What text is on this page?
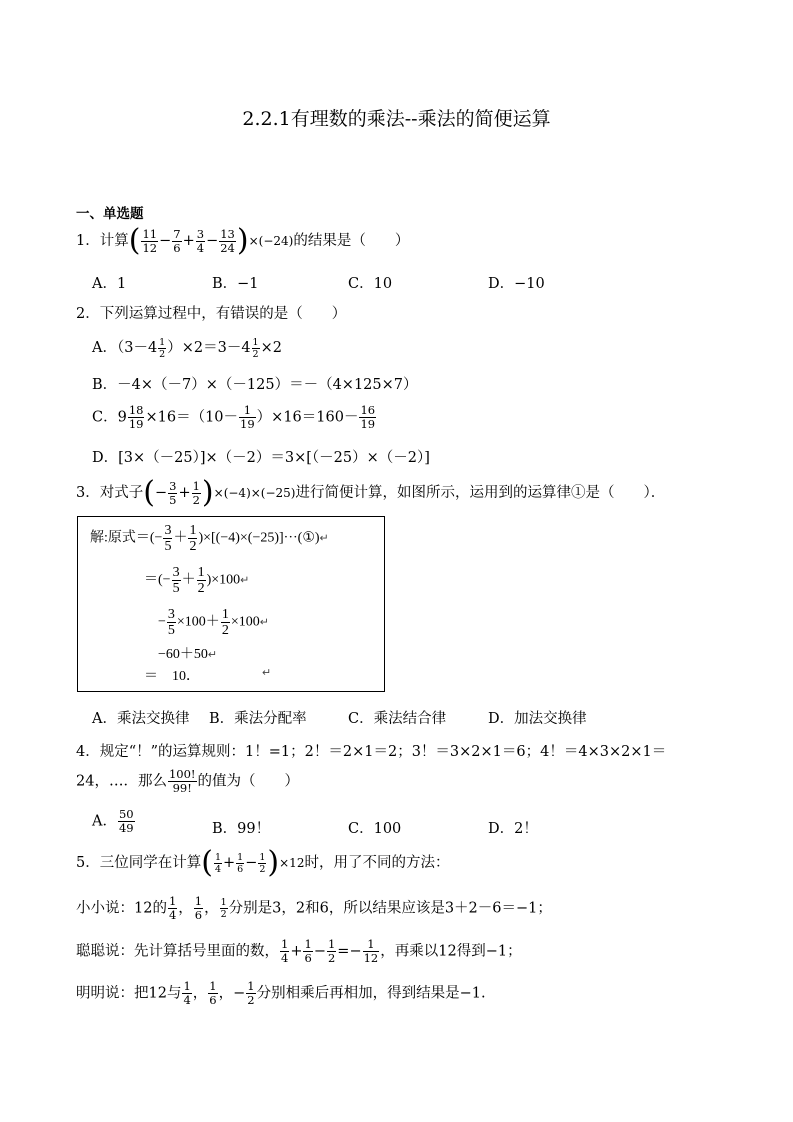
2.2.1有理数的乘法--乘法的简便运算
一、单选题
1．计算( $\frac{11}{12} - \frac{7}{6} + \frac{3}{4} - \frac{13}{24} )\times(-24)$的结果是（　　）
A．1	B．−1	C．10	D．−10
2．下列运算过程中，有错误的是（　　）
A．$(3-4 \frac{1}{2} )\times 2=3-4 \frac{1}{2} \times 2$
B．－4×（－7）×（－125）＝－（4×125×7）
C．$9 \frac{18}{19} \times 16=(10- \frac{1}{19} )\times 16=160- \frac{16}{19}$
D．[3×（－25）]×（－2）＝3×[（－25）×（－2）]
3．对式子(− $\frac{3}{5} + \frac{1}{2} )\times(-4)\times(-25)$进行简便计算，如图所示，运用到的运算律①是（　　）．
解:原式＝(− $\frac{3}{5} + \frac{1}{2}$ )×[(−4)×(−25)]···(①)↵
＝(− $\frac{3}{5} + \frac{1}{2}$ )×100↵
− $\frac{3}{5} \times 100+ \frac{1}{2}$ ×100↵
−60＋50↵
＝　10．	↵
A．乘法交换律 B．乘法分配率	C．乘法结合律	D．加法交换律
4．规定“！”的运算规则：1！=1；2！＝2×1＝2；3！＝3×2×1＝6；4！＝4×3×2×1＝
24，…．那么 $\frac{100!}{99!}$ 的值为（　　）
A． $\frac{50}{49}$	B．99！	C．100	D．2！
5．三位同学在计算( $\frac{1}{4} + \frac{1}{6} - \frac{1}{2} )\times 12$时，用了不同的方法：
小小说：12的 $\frac{1}{4}$ ， $\frac{1}{6}$ ， $\frac{1}{2}$ 分别是3，2和6，所以结果应该是3＋2－6＝−1；
聪聪说：先计算括号里面的数， $\frac{1}{4} + \frac{1}{6} - \frac{1}{2} =- \frac{1}{12}$ ，再乘以12得到−1；
明明说：把12与 $\frac{1}{4}$ ， $\frac{1}{6}$ ，− $\frac{1}{2}$ 分别相乘后再相加，得到结果是−1.
